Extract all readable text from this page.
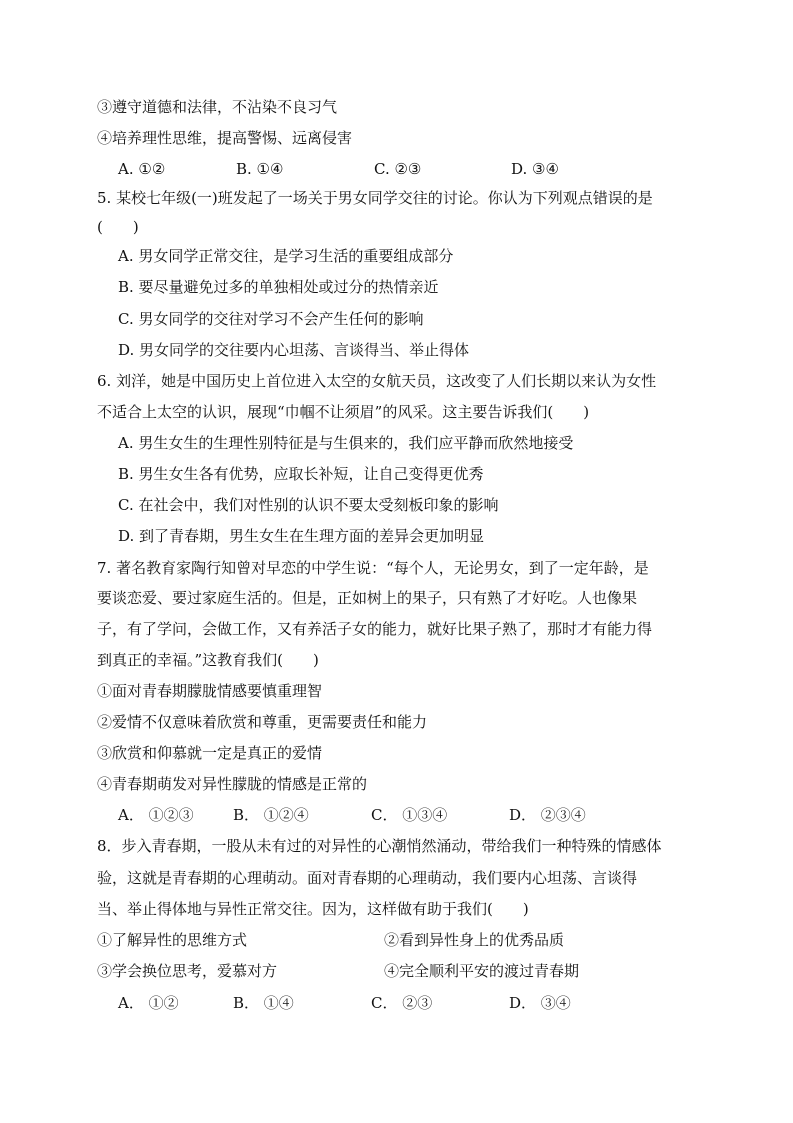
③遵守道德和法律，不沾染不良习气
④培养理性思维，提高警惕、远离侵害
A. ①②	B. ①④	C. ②③	D. ③④
5. 某校七年级(一)班发起了一场关于男女同学交往的讨论。你认为下列观点错误的是
(　　)
A. 男女同学正常交往，是学习生活的重要组成部分
B. 要尽量避免过多的单独相处或过分的热情亲近
C. 男女同学的交往对学习不会产生任何的影响
D. 男女同学的交往要内心坦荡、言谈得当、举止得体
6. 刘洋，她是中国历史上首位进入太空的女航天员，这改变了人们长期以来认为女性
不适合上太空的认识，展现“巾帼不让须眉”的风采。这主要告诉我们(　　)
A. 男生女生的生理性别特征是与生俱来的，我们应平静而欣然地接受
B. 男生女生各有优势，应取长补短，让自己变得更优秀
C. 在社会中，我们对性别的认识不要太受刻板印象的影响
D. 到了青春期，男生女生在生理方面的差异会更加明显
7. 著名教育家陶行知曾对早恋的中学生说：“每个人，无论男女，到了一定年龄，是
要谈恋爱、要过家庭生活的。但是，正如树上的果子，只有熟了才好吃。人也像果
子，有了学问，会做工作，又有养活子女的能力，就好比果子熟了，那时才有能力得
到真正的幸福。”这教育我们(　　)
①面对青春期朦胧情感要慎重理智
②爱情不仅意味着欣赏和尊重，更需要责任和能力
③欣赏和仰慕就一定是真正的爱情
④青春期萌发对异性朦胧的情感是正常的
A． ①②③	B． ①②④	C． ①③④	D． ②③④
8．步入青春期，一股从未有过的对异性的心潮悄然涌动，带给我们一种特殊的情感体
验，这就是青春期的心理萌动。面对青春期的心理萌动，我们要内心坦荡、言谈得
当、举止得体地与异性正常交往。因为，这样做有助于我们(　　)
①了解异性的思维方式	②看到异性身上的优秀品质
③学会换位思考，爱慕对方	④完全顺利平安的渡过青春期
A． ①②	B． ①④	C． ②③	D． ③④
